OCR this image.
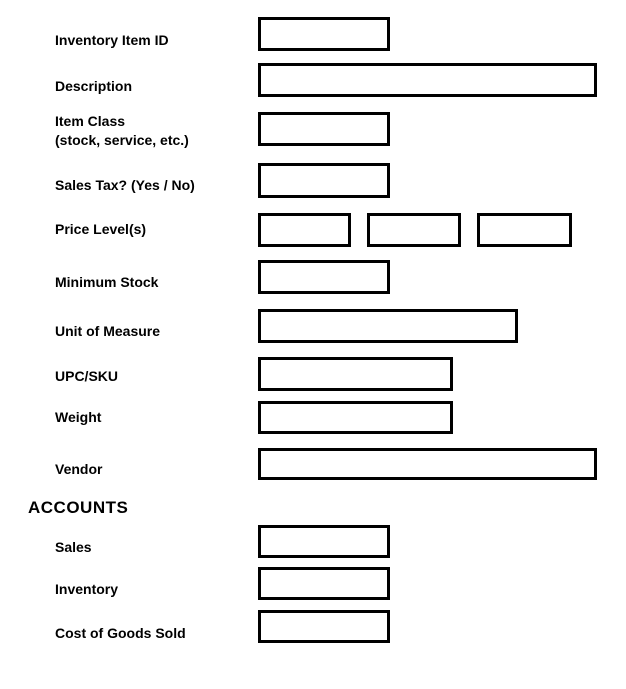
Inventory Item ID
Description
Item Class
(stock, service, etc.)
Sales Tax? (Yes / No)
Price Level(s)
Minimum Stock
Unit of Measure
UPC/SKU
Weight
Vendor
ACCOUNTS
Sales
Inventory
Cost of Goods Sold
